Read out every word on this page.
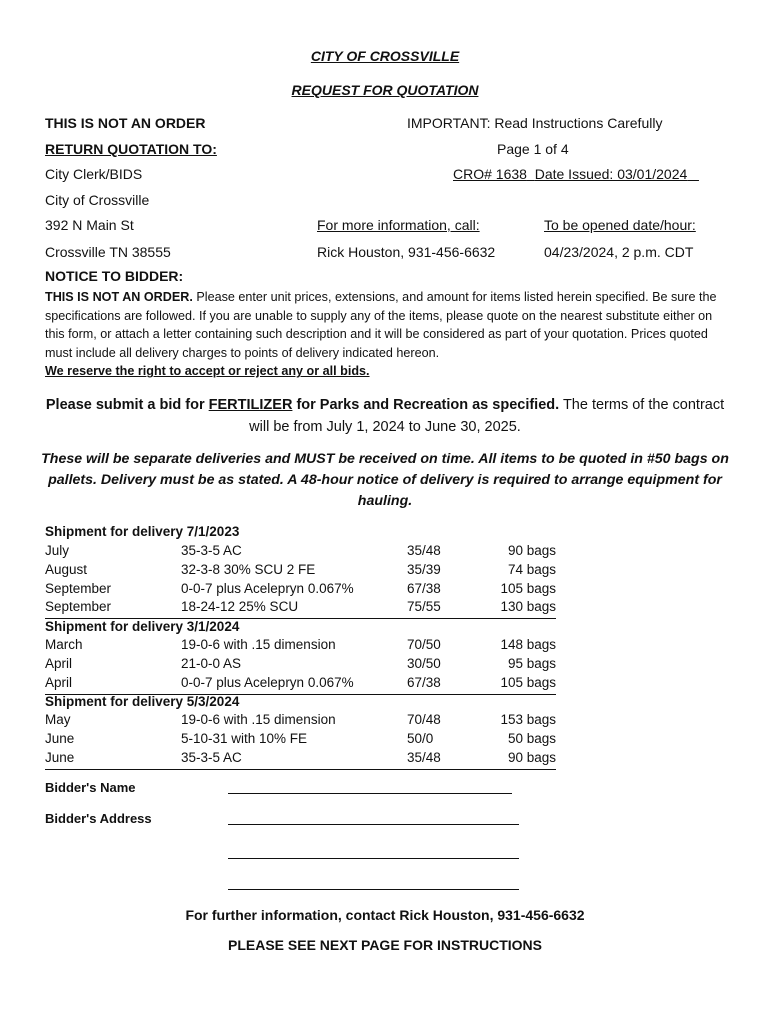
CITY OF CROSSVILLE
REQUEST FOR QUOTATION
THIS IS NOT AN ORDER	IMPORTANT: Read Instructions Carefully
RETURN QUOTATION TO:	Page 1 of 4
City Clerk/BIDS	CRO# 1638 Date Issued: 03/01/2024
City of Crossville
392 N Main St	For more information, call:	To be opened date/hour:
Crossville TN 38555	Rick Houston, 931-456-6632	04/23/2024, 2 p.m. CDT
NOTICE TO BIDDER:
THIS IS NOT AN ORDER. Please enter unit prices, extensions, and amount for items listed herein specified. Be sure the specifications are followed. If you are unable to supply any of the items, please quote on the nearest substitute either on this form, or attach a letter containing such description and it will be considered as part of your quotation. Prices quoted must include all delivery charges to points of delivery indicated hereon.
We reserve the right to accept or reject any or all bids.
Please submit a bid for FERTILIZER for Parks and Recreation as specified. The terms of the contract will be from July 1, 2024 to June 30, 2025.
These will be separate deliveries and MUST be received on time. All items to be quoted in #50 bags on pallets. Delivery must be as stated. A 48-hour notice of delivery is required to arrange equipment for hauling.
Shipment for delivery 7/1/2023
July	35-3-5 AC	35/48	90 bags
August	32-3-8 30% SCU 2 FE	35/39	74 bags
September	0-0-7 plus Acelepryn 0.067%	67/38	105 bags
September	18-24-12 25% SCU	75/55	130 bags
Shipment for delivery 3/1/2024
March	19-0-6 with .15 dimension	70/50	148 bags
April	21-0-0 AS	30/50	95 bags
April	0-0-7 plus Acelepryn 0.067%	67/38	105 bags
Shipment for delivery 5/3/2024
May	19-0-6 with .15 dimension	70/48	153 bags
June	5-10-31 with 10% FE	50/0	50 bags
June	35-3-5 AC	35/48	90 bags
Bidder's Name
Bidder's Address
For further information, contact Rick Houston, 931-456-6632
PLEASE SEE NEXT PAGE FOR INSTRUCTIONS
